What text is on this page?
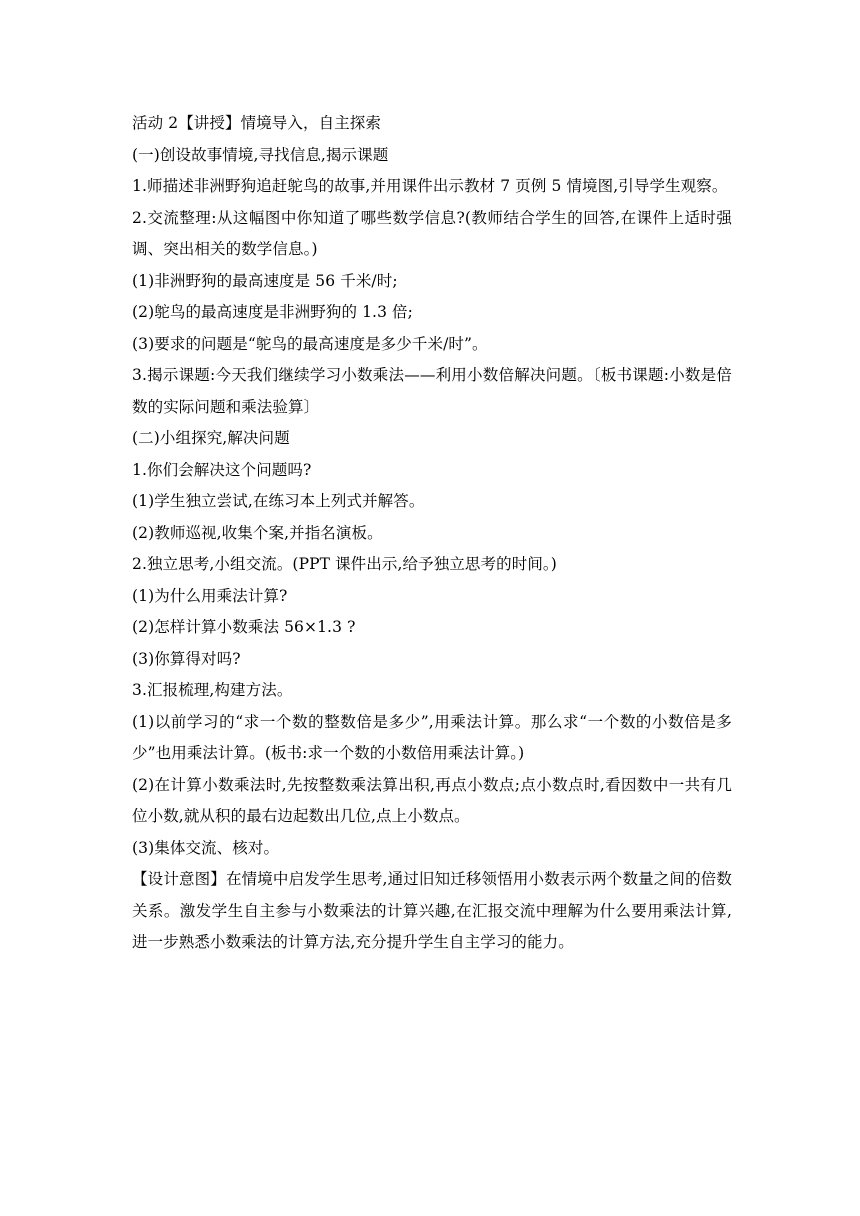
活动 2【讲授】情境导入，自主探索

(一)创设故事情境,寻找信息,揭示课题

1.师描述非洲野狗追赶鸵鸟的故事,并用课件出示教材 7 页例 5 情境图,引导学生观察。

2.交流整理:从这幅图中你知道了哪些数学信息?(教师结合学生的回答,在课件上适时强调、突出相关的数学信息。)

(1)非洲野狗的最高速度是 56 千米/时;

(2)鸵鸟的最高速度是非洲野狗的 1.3 倍;

(3)要求的问题是“鸵鸟的最高速度是多少千米/时”。

3.揭示课题:今天我们继续学习小数乘法——利用小数倍解决问题。〔板书课题:小数是倍数的实际问题和乘法验算〕

(二)小组探究,解决问题

1.你们会解决这个问题吗?

(1)学生独立尝试,在练习本上列式并解答。

(2)教师巡视,收集个案,并指名演板。

2.独立思考,小组交流。(PPT 课件出示,给予独立思考的时间。)

(1)为什么用乘法计算?

(2)怎样计算小数乘法 56×1.3 ?

(3)你算得对吗?

3.汇报梳理,构建方法。

(1)以前学习的“求一个数的整数倍是多少”,用乘法计算。那么求“一个数的小数倍是多少”也用乘法计算。(板书:求一个数的小数倍用乘法计算。)

(2)在计算小数乘法时,先按整数乘法算出积,再点小数点;点小数点时,看因数中一共有几位小数,就从积的最右边起数出几位,点上小数点。

(3)集体交流、核对。

【设计意图】在情境中启发学生思考,通过旧知迁移领悟用小数表示两个数量之间的倍数关系。激发学生自主参与小数乘法的计算兴趣,在汇报交流中理解为什么要用乘法计算,进一步熟悉小数乘法的计算方法,充分提升学生自主学习的能力。
